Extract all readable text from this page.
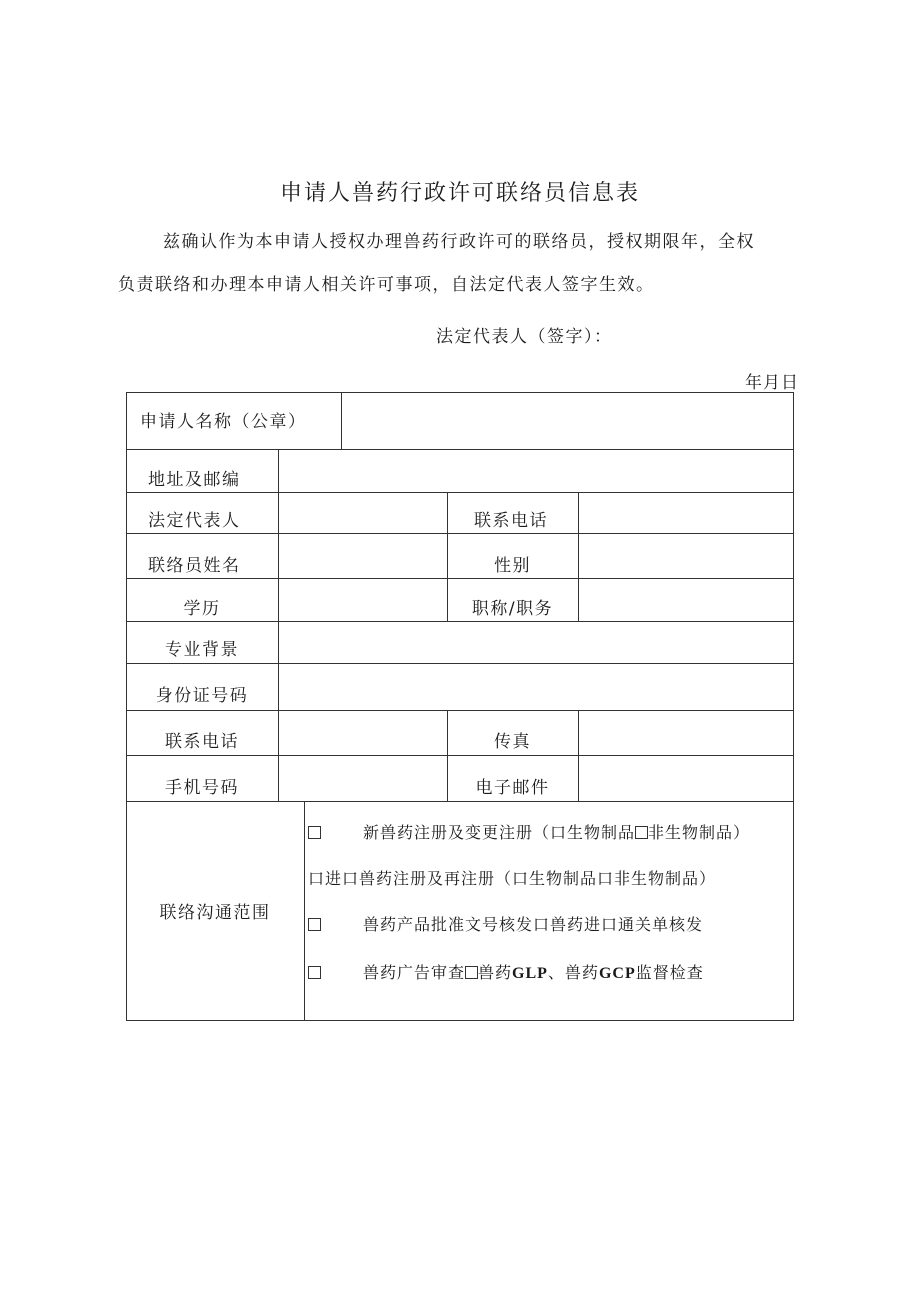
申请人兽药行政许可联络员信息表
兹确认作为本申请人授权办理兽药行政许可的联络员，授权期限年，全权
负责联络和办理本申请人相关许可事项，自法定代表人签字生效。
法定代表人（签字）：
年月日
申请人名称（公章）
地址及邮编
法定代表人	联系电话
联络员姓名	性别
学历	职称/职务
专业背景
身份证号码
联系电话	传真
手机号码	电子邮件
联络沟通范围
新兽药注册及变更注册（口生物制品 非生物制品）
口进口兽药注册及再注册（口生物制品口非生物制品）
兽药产品批准文号核发口兽药进口通关单核发
兽药广告审查 兽药GLP、兽药GCP监督检查
